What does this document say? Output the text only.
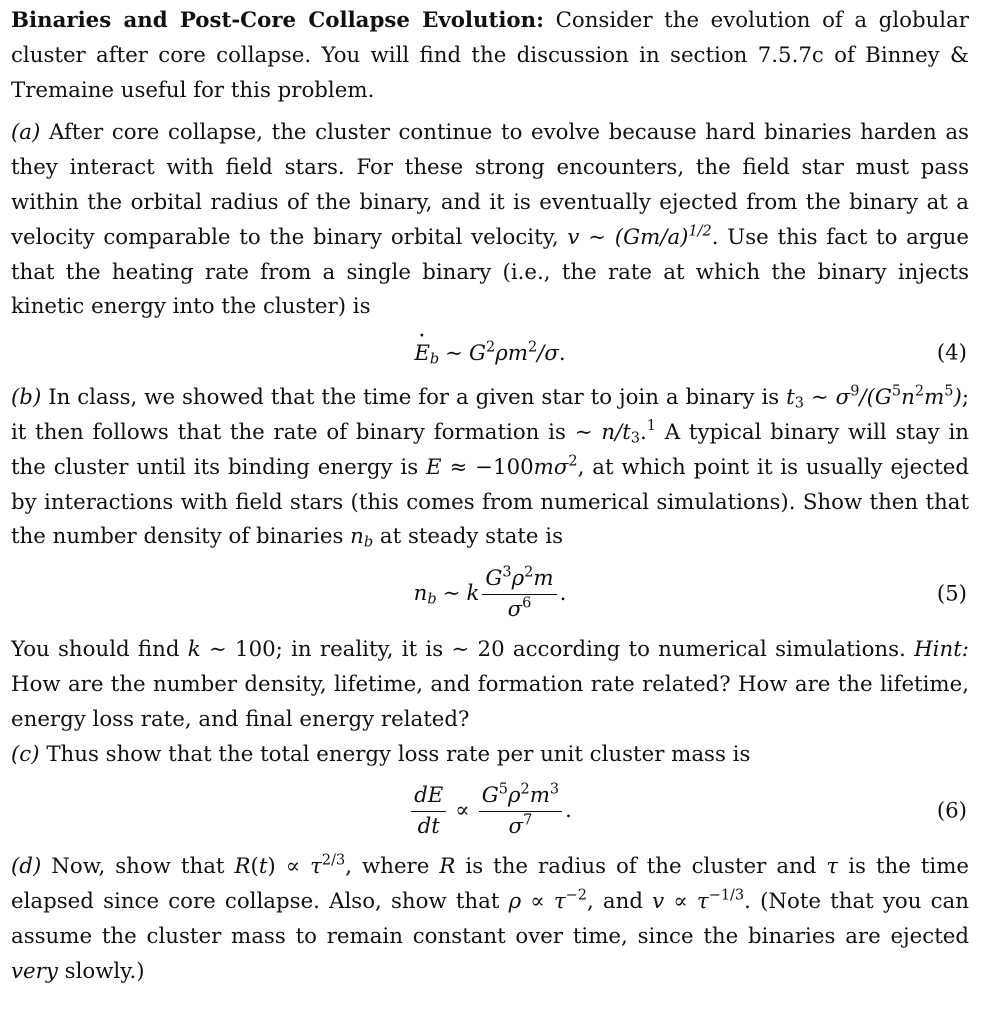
Binaries and Post-Core Collapse Evolution: Consider the evolution of a globular cluster after core collapse. You will find the discussion in section 7.5.7c of Binney & Tremaine useful for this problem.

(a) After core collapse, the cluster continue to evolve because hard binaries harden as they interact with field stars. For these strong encounters, the field star must pass within the orbital radius of the binary, and it is eventually ejected from the binary at a velocity comparable to the binary orbital velocity, v ∼ $(Gm/a)^{1/2}$. Use this fact to argue that the heating rate from a single binary (i.e., the rate at which the binary injects kinetic energy into the cluster) is

· $E_b$ ∼ $G^2\rho m^2/\sigma$.	(4)

(b) In class, we showed that the time for a given star to join a binary is $t_3$ ∼ $\sigma^9/(G^5n^2m^5)$; it then follows that the rate of binary formation is ∼ $n/t_3.^1$ A typical binary will stay in the cluster until its binding energy is $E \approx -100m\sigma^2$, at which point it is usually ejected by interactions with field stars (this comes from numerical simulations). Show then that the number density of binaries $n_b$ at steady state is

$n_b$ ∼ k $\frac{G^3\rho^2m}{\sigma^6}$ .	(5)

You should find k ∼ 100; in reality, it is ∼ 20 according to numerical simulations. Hint: How are the number density, lifetime, and formation rate related? How are the lifetime, energy loss rate, and final energy related?

(c) Thus show that the total energy loss rate per unit cluster mass is

$\frac{dE}{dt} \propto \frac{G^5\rho^2m^3}{\sigma^7}$ .	(6)

(d) Now, show that $R(t) \propto \tau^{2/3}$, where R is the radius of the cluster and τ is the time elapsed since core collapse. Also, show that $\rho \propto \tau^{-2}$, and $v \propto \tau^{-1/3}$. (Note that you can assume the cluster mass to remain constant over time, since the binaries are ejected very slowly.)
